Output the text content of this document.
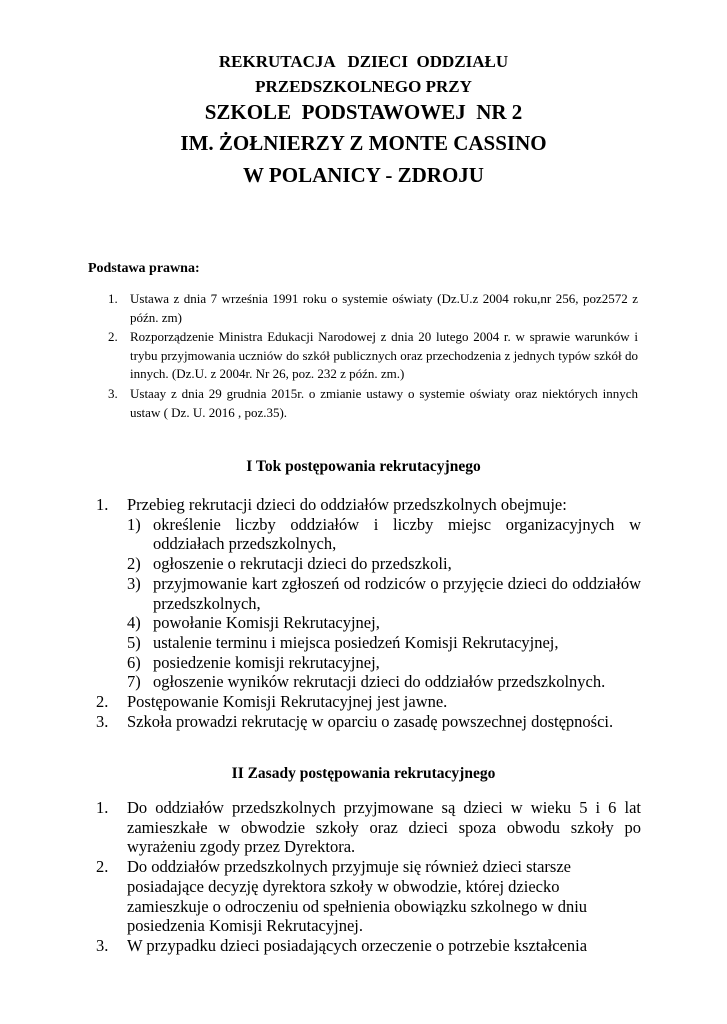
REKRUTACJA   DZIECI  ODDZIAŁU

PRZEDSZKOLNEGO PRZY

SZKOLE  PODSTAWOWEJ  NR 2

IM. ŻOŁNIERZY Z MONTE CASSINO

W POLANICY - ZDROJU

Podstawa prawna:

1. Ustawa z dnia 7 września 1991 roku o systemie oświaty (Dz.U.z 2004 roku,nr 256, poz2572 z późn. zm)
2. Rozporządzenie Ministra Edukacji Narodowej z dnia 20 lutego 2004 r. w sprawie warunków i trybu przyjmowania uczniów do szkół publicznych oraz przechodzenia z jednych typów szkół do innych. (Dz.U. z 2004r. Nr 26, poz. 232 z późn. zm.)
3. Ustaay z dnia 29 grudnia 2015r. o zmianie ustawy o systemie oświaty oraz niektórych innych ustaw ( Dz. U. 2016 , poz.35).

I Tok postępowania rekrutacyjnego

1. Przebieg rekrutacji dzieci do oddziałów przedszkolnych obejmuje:
1) określenie liczby oddziałów i liczby miejsc organizacyjnych w oddziałach przedszkolnych,
2) ogłoszenie o rekrutacji dzieci do przedszkoli,
3) przyjmowanie kart zgłoszeń od rodziców o przyjęcie dzieci do oddziałów przedszkolnych,
4) powołanie Komisji Rekrutacyjnej,
5) ustalenie terminu i miejsca posiedzeń Komisji Rekrutacyjnej,
6) posiedzenie komisji rekrutacyjnej,
7) ogłoszenie wyników rekrutacji dzieci do oddziałów przedszkolnych.
2. Postępowanie Komisji Rekrutacyjnej jest jawne.
3. Szkoła prowadzi rekrutację w oparciu o zasadę powszechnej dostępności.

II Zasady postępowania rekrutacyjnego

1. Do oddziałów przedszkolnych przyjmowane są dzieci w wieku 5 i 6 lat zamieszkałe w obwodzie szkoły oraz dzieci spoza obwodu szkoły po wyrażeniu zgody przez Dyrektora.
2. Do oddziałów przedszkolnych przyjmuje się również dzieci starsze posiadające decyzję dyrektora szkoły w obwodzie, której dziecko zamieszkuje o odroczeniu od spełnienia obowiązku szkolnego w dniu posiedzenia Komisji Rekrutacyjnej.
3. W przypadku dzieci posiadających orzeczenie o potrzebie kształcenia
